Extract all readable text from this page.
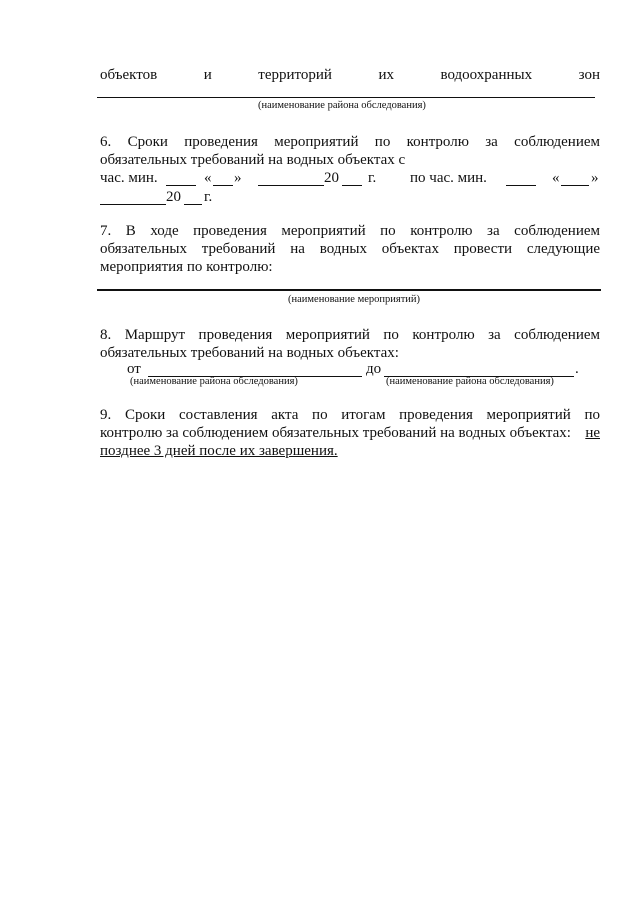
объектов	и	территорий	их	водоохранных	зон
(наименование района обследования)
6. Сроки проведения мероприятий по контролю за соблюдением
обязательных требований на водных объектах с
час. мин.	« »	20 г. по час. мин.	« »
20 г.
7. В ходе проведения мероприятий по контролю за соблюдением
обязательных требований на водных объектах провести следующие
мероприятия по контролю:
(наименование мероприятий)
8. Маршрут проведения мероприятий по контролю за соблюдением
обязательных требований на водных объектах:
от	до	.
(наименование района обследования)	(наименование района обследования)
9. Сроки составления акта по итогам проведения мероприятий по
контролю за соблюдением обязательных требований на водных объектах: не
позднее 3 дней после их завершения.
